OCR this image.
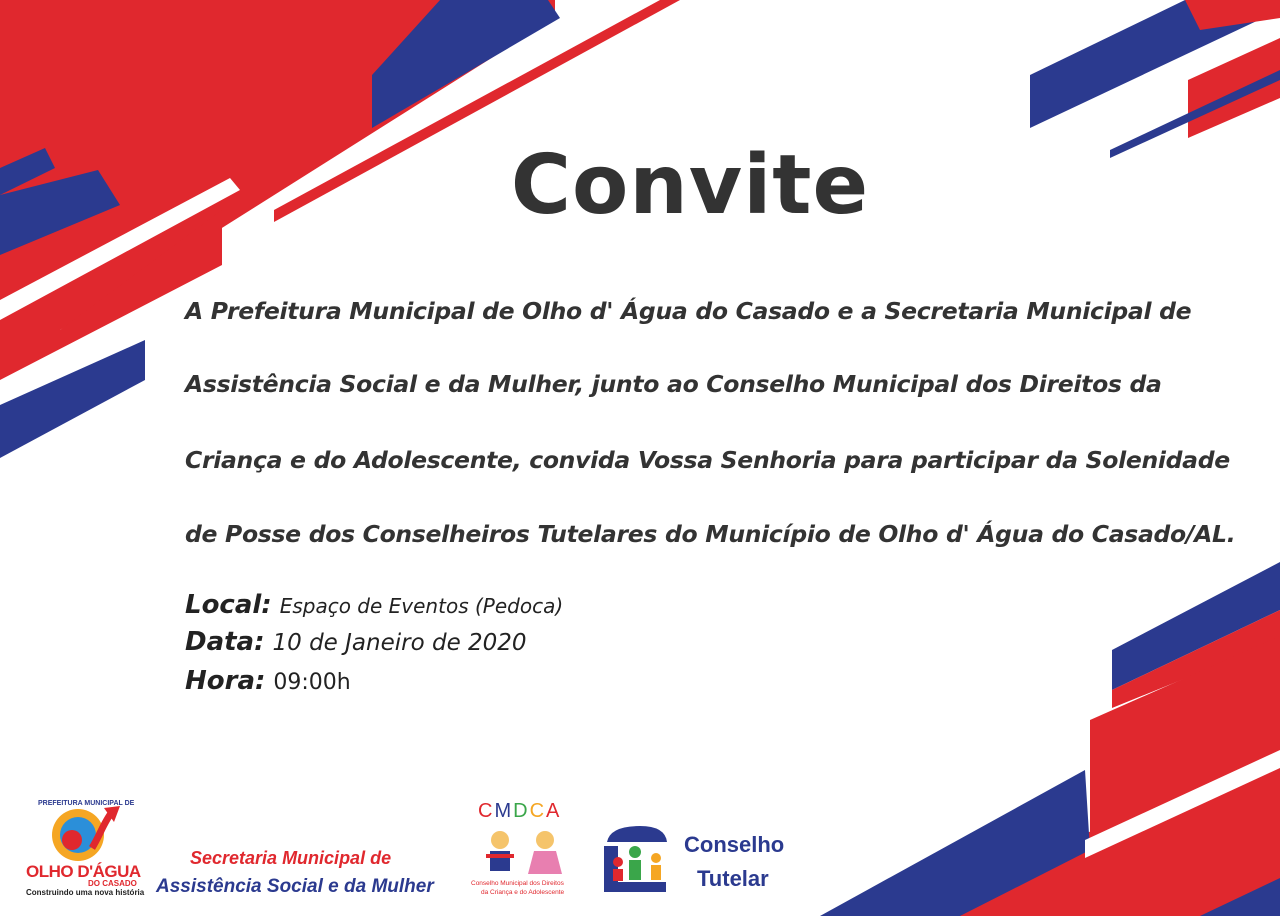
Convite
A Prefeitura Municipal de Olho d' Água do Casado e a Secretaria Municipal de
Assistência Social e da Mulher, junto ao Conselho Municipal dos Direitos da
Criança e do Adolescente, convida Vossa Senhoria para participar da Solenidade
de Posse dos Conselheiros Tutelares do Município de Olho d' Água do Casado/AL.
Local: Espaço de Eventos (Pedoca)
Data: 10 de Janeiro de 2020
Hora: 09:00h
PREFEITURA MUNICIPAL DE
OLHO D'ÁGUA
DO CASADO
Construindo uma nova história
Secretaria Municipal de
Assistência Social e da Mulher
CMDCA
Conselho Municipal dos Direitos
da Criança e do Adolescente
Conselho
Tutelar
